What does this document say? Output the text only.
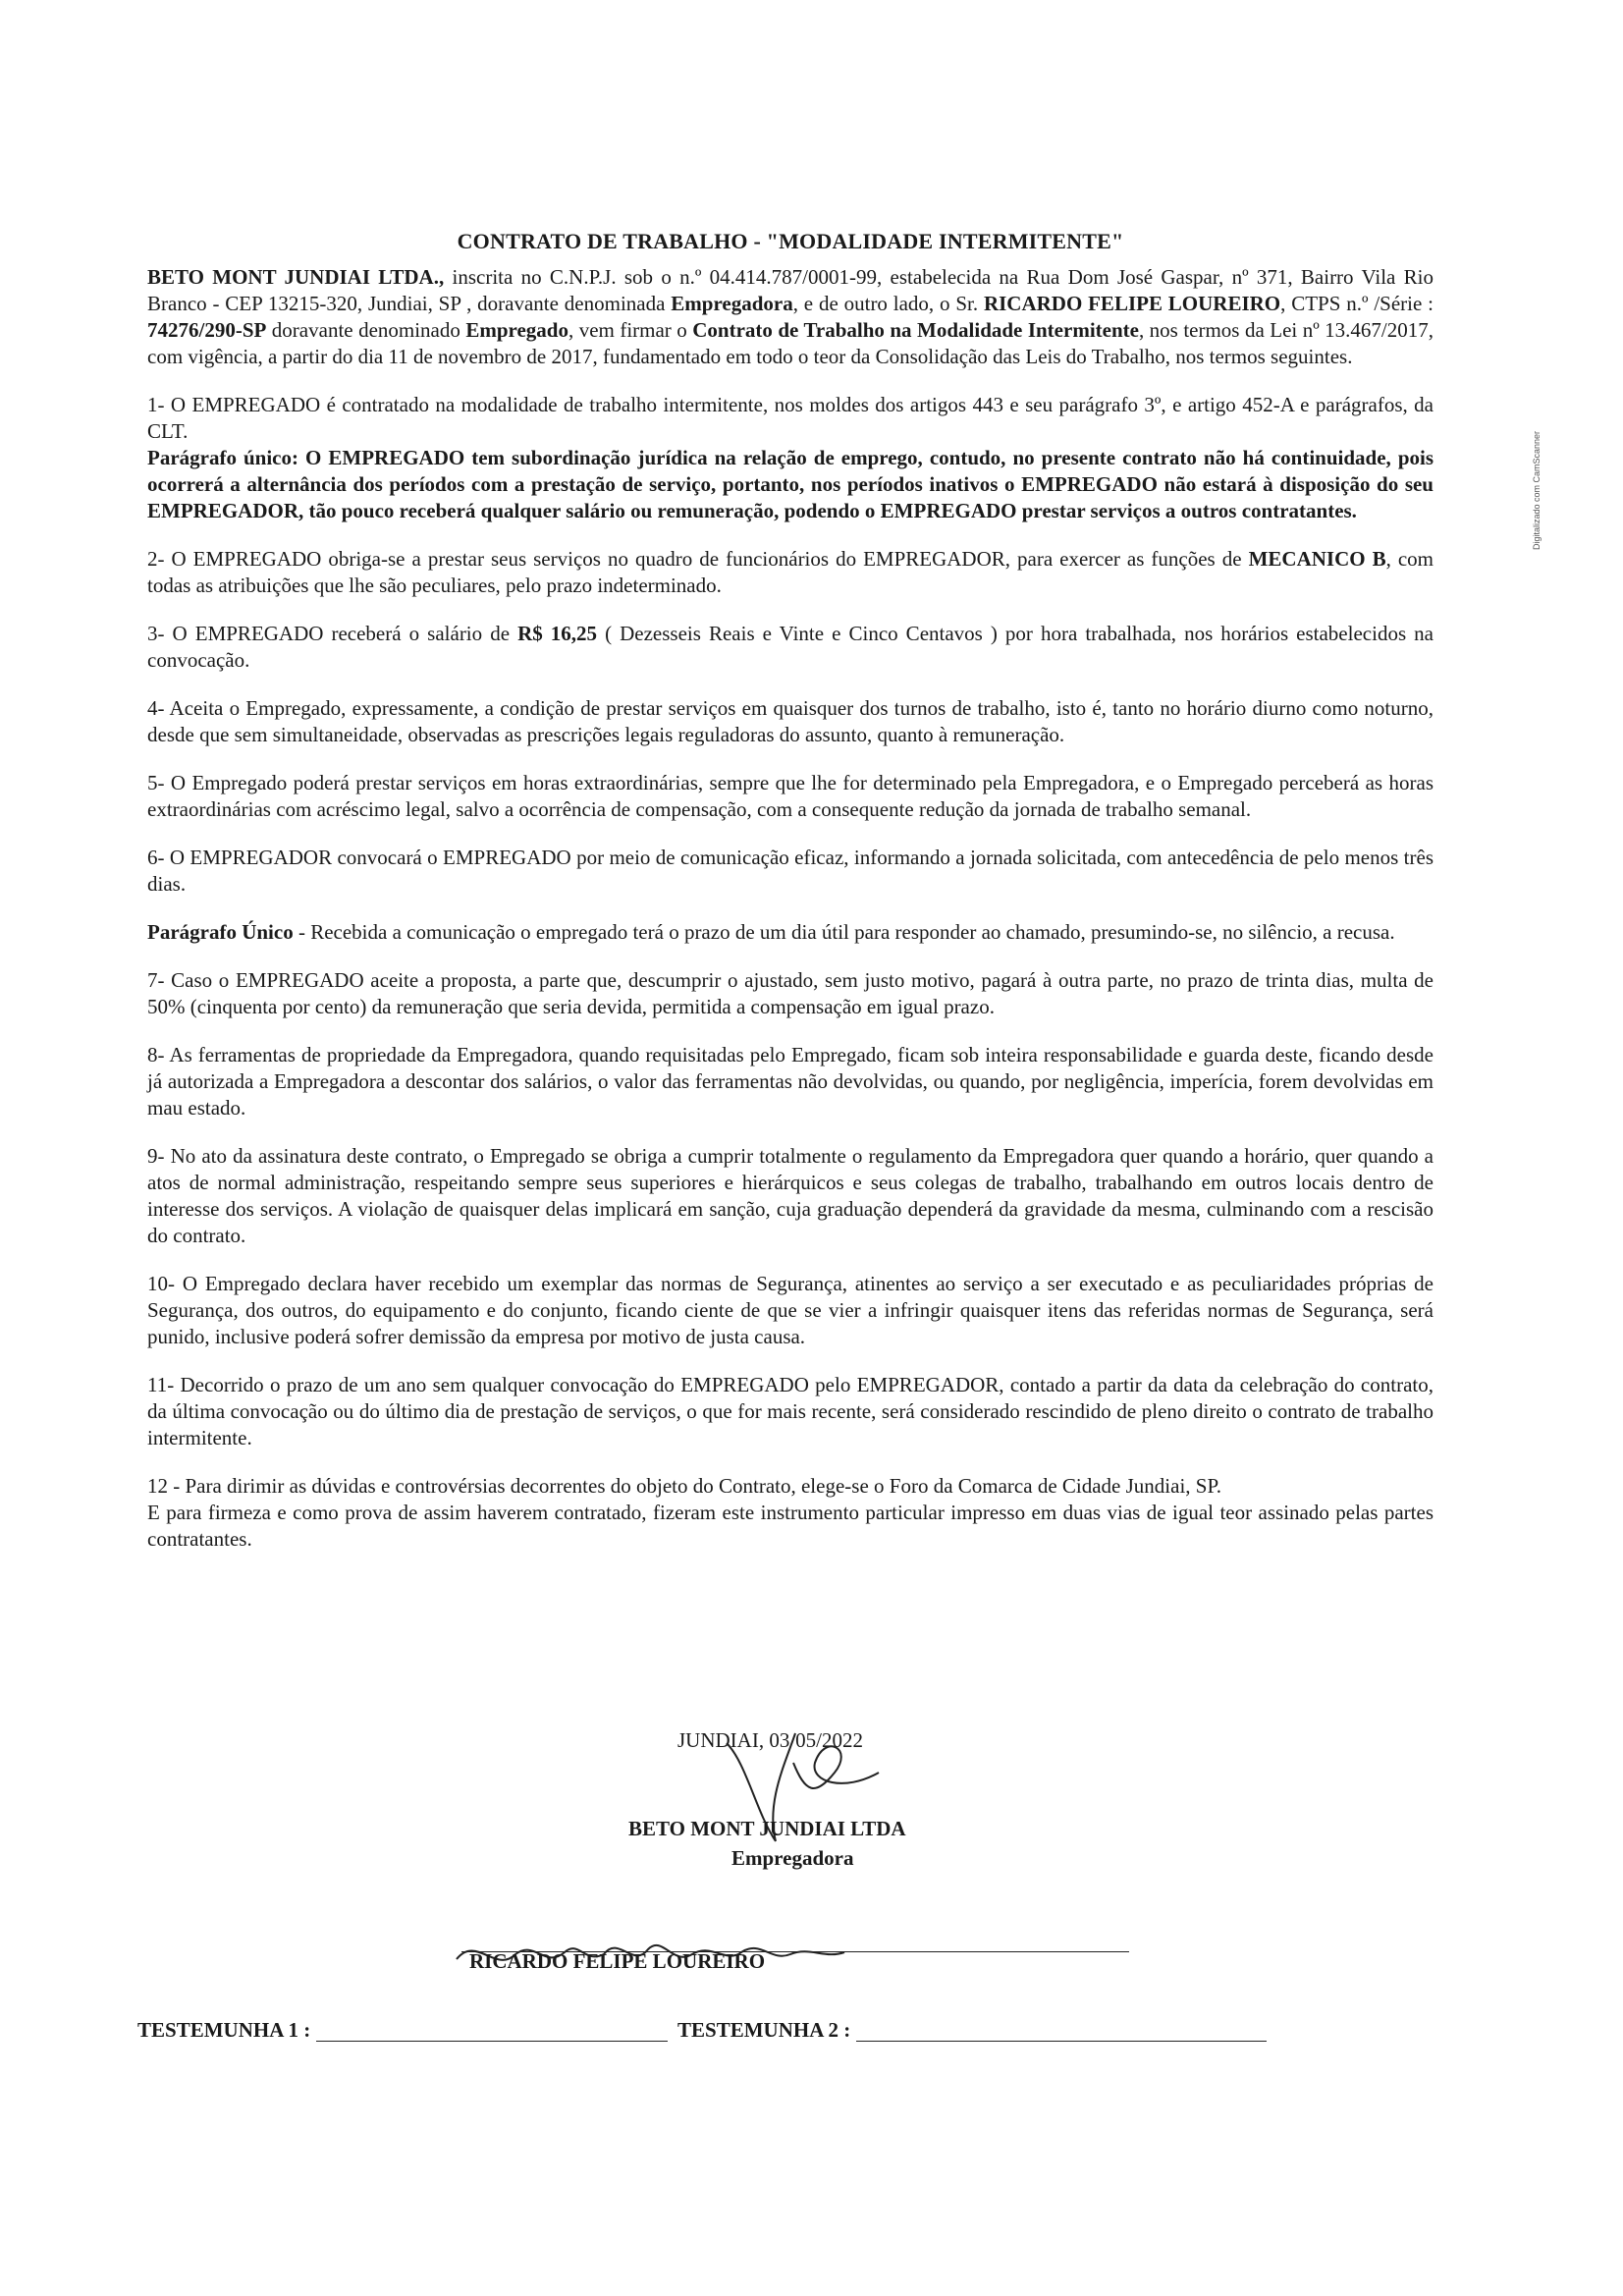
Digitalizado com CamScanner
CONTRATO DE TRABALHO - "MODALIDADE INTERMITENTE"

BETO MONT JUNDIAI LTDA., inscrita no C.N.P.J. sob o n.º 04.414.787/0001-99, estabelecida na Rua Dom José Gaspar, nº 371, Bairro Vila Rio Branco - CEP 13215-320, Jundiai, SP , doravante denominada Empregadora, e de outro lado, o Sr. RICARDO FELIPE LOUREIRO, CTPS n.º /Série : 74276/290-SP doravante denominado Empregado, vem firmar o Contrato de Trabalho na Modalidade Intermitente, nos termos da Lei nº 13.467/2017, com vigência, a partir do dia 11 de novembro de 2017, fundamentado em todo o teor da Consolidação das Leis do Trabalho, nos termos seguintes.

1- O EMPREGADO é contratado na modalidade de trabalho intermitente, nos moldes dos artigos 443 e seu parágrafo 3º, e artigo 452-A e parágrafos, da CLT.

Parágrafo único: O EMPREGADO tem subordinação jurídica na relação de emprego, contudo, no presente contrato não há continuidade, pois ocorrerá a alternância dos períodos com a prestação de serviço, portanto, nos períodos inativos o EMPREGADO não estará à disposição do seu EMPREGADOR, tão pouco receberá qualquer salário ou remuneração, podendo o EMPREGADO prestar serviços a outros contratantes.

2- O EMPREGADO obriga-se a prestar seus serviços no quadro de funcionários do EMPREGADOR, para exercer as funções de MECANICO B, com todas as atribuições que lhe são peculiares, pelo prazo indeterminado.

3- O EMPREGADO receberá o salário de R$ 16,25 ( Dezesseis Reais e Vinte e Cinco Centavos ) por hora trabalhada, nos horários estabelecidos na convocação.

4- Aceita o Empregado, expressamente, a condição de prestar serviços em quaisquer dos turnos de trabalho, isto é, tanto no horário diurno como noturno, desde que sem simultaneidade, observadas as prescrições legais reguladoras do assunto, quanto à remuneração.

5- O Empregado poderá prestar serviços em horas extraordinárias, sempre que lhe for determinado pela Empregadora, e o Empregado perceberá as horas extraordinárias com acréscimo legal, salvo a ocorrência de compensação, com a consequente redução da jornada de trabalho semanal.

6- O EMPREGADOR convocará o EMPREGADO por meio de comunicação eficaz, informando a jornada solicitada, com antecedência de pelo menos três dias.

Parágrafo Único - Recebida a comunicação o empregado terá o prazo de um dia útil para responder ao chamado, presumindo-se, no silêncio, a recusa.

7- Caso o EMPREGADO aceite a proposta, a parte que, descumprir o ajustado, sem justo motivo, pagará à outra parte, no prazo de trinta dias, multa de 50% (cinquenta por cento) da remuneração que seria devida, permitida a compensação em igual prazo.

8- As ferramentas de propriedade da Empregadora, quando requisitadas pelo Empregado, ficam sob inteira responsabilidade e guarda deste, ficando desde já autorizada a Empregadora a descontar dos salários, o valor das ferramentas não devolvidas, ou quando, por negligência, imperícia, forem devolvidas em mau estado.

9- No ato da assinatura deste contrato, o Empregado se obriga a cumprir totalmente o regulamento da Empregadora quer quando a horário, quer quando a atos de normal administração, respeitando sempre seus superiores e hierárquicos e seus colegas de trabalho, trabalhando em outros locais dentro de interesse dos serviços. A violação de quaisquer delas implicará em sanção, cuja graduação dependerá da gravidade da mesma, culminando com a rescisão do contrato.

10- O Empregado declara haver recebido um exemplar das normas de Segurança, atinentes ao serviço a ser executado e as peculiaridades próprias de Segurança, dos outros, do equipamento e do conjunto, ficando ciente de que se vier a infringir quaisquer itens das referidas normas de Segurança, será punido, inclusive poderá sofrer demissão da empresa por motivo de justa causa.

11- Decorrido o prazo de um ano sem qualquer convocação do EMPREGADO pelo EMPREGADOR, contado a partir da data da celebração do contrato, da última convocação ou do último dia de prestação de serviços, o que for mais recente, será considerado rescindido de pleno direito o contrato de trabalho intermitente.

12 - Para dirimir as dúvidas e controvérsias decorrentes do objeto do Contrato, elege-se o Foro da Comarca de Cidade Jundiai, SP.

E para firmeza e como prova de assim haverem contratado, fizeram este instrumento particular impresso em duas vias de igual teor assinado pelas partes contratantes.

JUNDIAI, 03/05/2022
BETO MONT JUNDIAI LTDA
Empregadora
RICARDO FELIPE LOUREIRO
TESTEMUNHA 1 :	TESTEMUNHA 2 :
